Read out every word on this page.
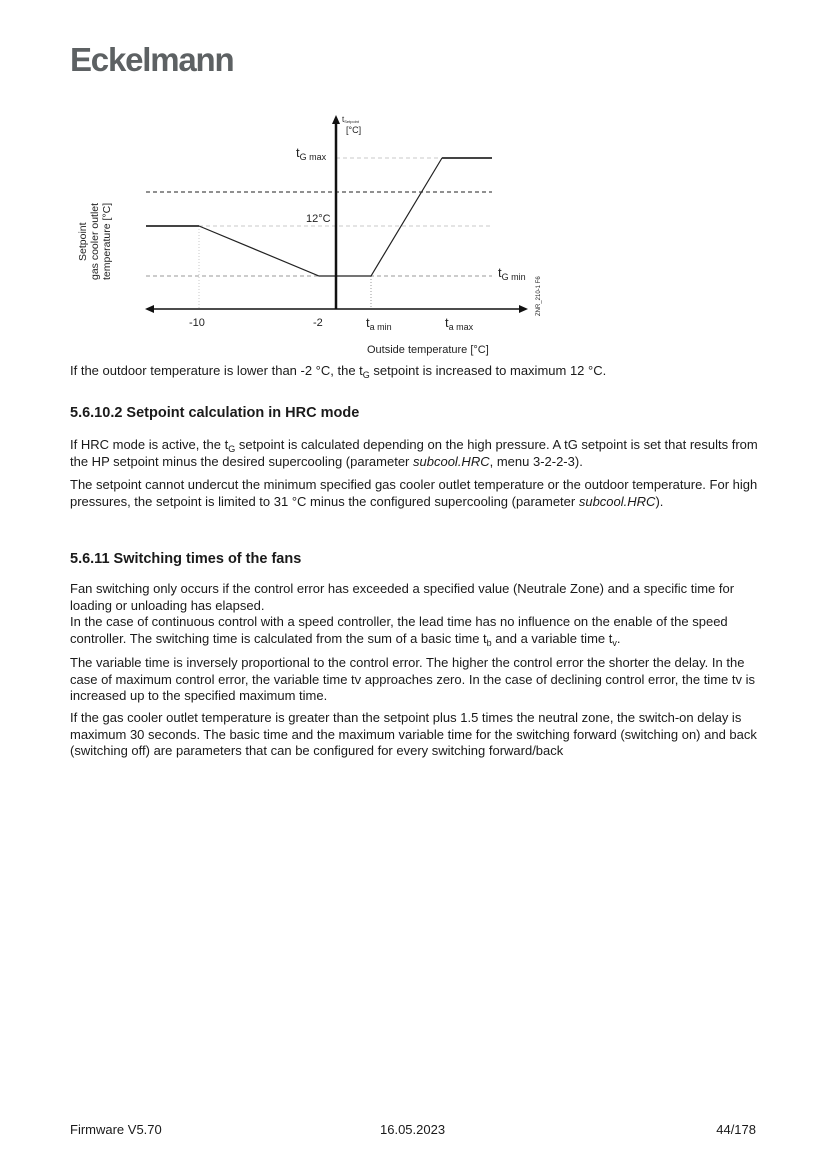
Eckelmann
tSetpoint
[°C]
$t_{G max}$
12°C
$t_{G min}$
-10	-2	$t_{a min}$	$t_{a max}$
Outside temperature [°C]
Setpoint gas cooler outlet temperature [°C]
ZNR_210-1 F6

If the outdoor temperature is lower than -2 °C, the $t_G$ setpoint is increased to maximum 12 °C.

5.6.10.2 Setpoint calculation in HRC mode

If HRC mode is active, the $t_G$ setpoint is calculated depending on the high pressure. A tG setpoint is set that results from the HP setpoint minus the desired supercooling (parameter subcool.HRC, menu 3-2-2-3).

The setpoint cannot undercut the minimum specified gas cooler outlet temperature or the outdoor temperature. For high pressures, the setpoint is limited to 31 °C minus the configured supercooling (parameter subcool.HRC).

5.6.11 Switching times of the fans

Fan switching only occurs if the control error has exceeded a specified value (Neutrale Zone) and a specific time for loading or unloading has elapsed.

In the case of continuous control with a speed controller, the lead time has no influence on the enable of the speed controller. The switching time is calculated from the sum of a basic time $t_b$ and a variable time $t_v$.

The variable time is inversely proportional to the control error. The higher the control error the shorter the delay. In the case of maximum control error, the variable time tv approaches zero. In the case of declining control error, the time tv is increased up to the specified maximum time.

If the gas cooler outlet temperature is greater than the setpoint plus 1.5 times the neutral zone, the switch-on delay is maximum 30 seconds. The basic time and the maximum variable time for the switching forward (switching on) and back (switching off) are parameters that can be configured for every switching forward/back

Firmware V5.70	16.05.2023	44/178
